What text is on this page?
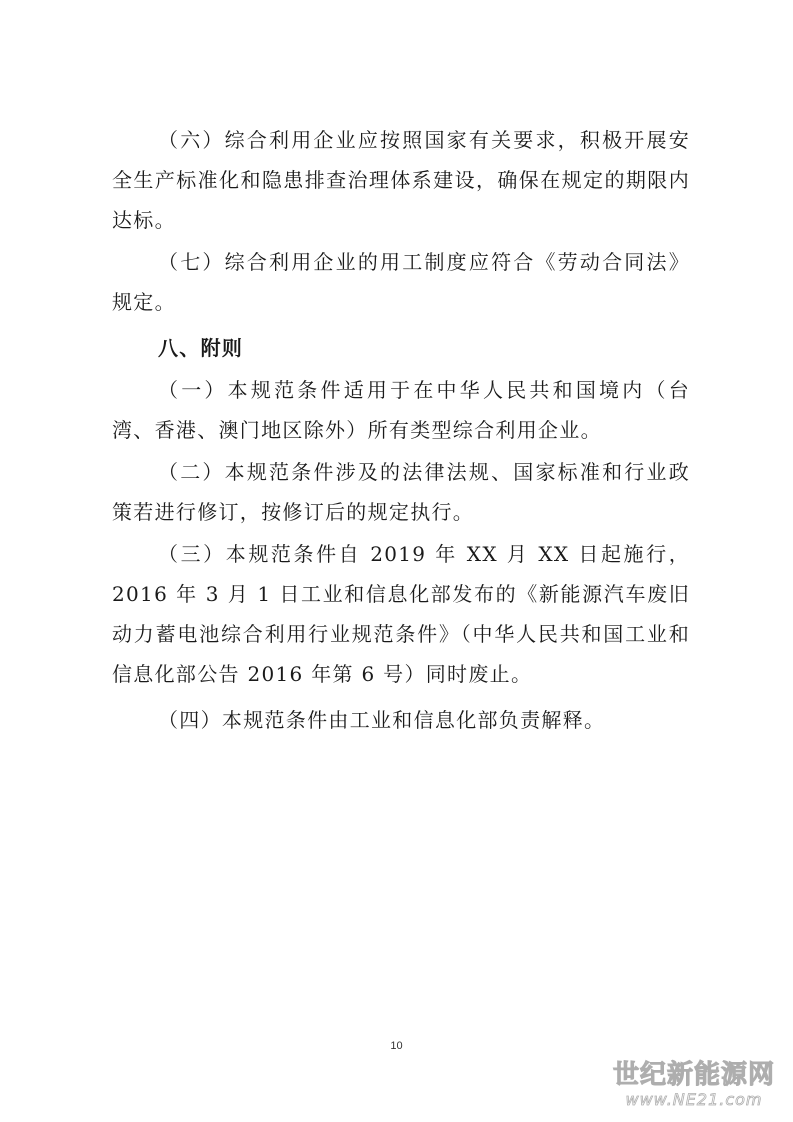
（六）综合利用企业应按照国家有关要求，积极开展安全生产标准化和隐患排查治理体系建设，确保在规定的期限内达标。

（七）综合利用企业的用工制度应符合《劳动合同法》规定。

八、附则

（一）本规范条件适用于在中华人民共和国境内（台湾、香港、澳门地区除外）所有类型综合利用企业。

（二）本规范条件涉及的法律法规、国家标准和行业政策若进行修订，按修订后的规定执行。

（三）本规范条件自 2019 年 XX 月 XX 日起施行，2016 年 3 月 1 日工业和信息化部发布的《新能源汽车废旧动力蓄电池综合利用行业规范条件》（中华人民共和国工业和信息化部公告 2016 年第 6 号）同时废止。

（四）本规范条件由工业和信息化部负责解释。

10
世纪新能源网
www.NE21.com
